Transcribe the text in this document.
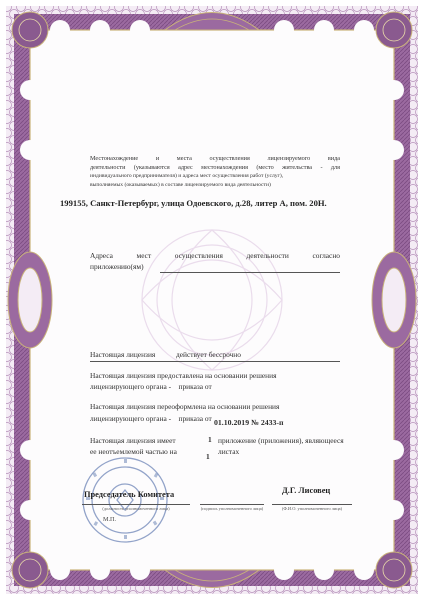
Местонахождение и места осуществления лицензируемого вида

деятельности (указываются адрес местонахождения (место жительства - для

индивидуального предпринимателя) и адреса мест осуществления работ (услуг),

выполняемых (оказываемых) в составе лицензируемого вида деятельности)

199155, Санкт-Петербург, улица Одоевского, д.28, литер А, пом. 20Н.

Адреса мест осуществления деятельности согласно

приложению(ям)

Настоящая лицензия	действует бессрочно

Настоящая лицензия предоставлена на основании решения

лицензирующего органа -    приказа от

Настоящая лицензия переоформлена на основании решения

лицензирующего органа -    приказа от 01.10.2019 № 2433-п

Настоящая лицензия имеет	1 приложение (приложения), являющееся

ее неотъемлемой частью на

1

листах

Председатель Комитета	Д.Г. Лисовец

(должность уполномоченного лица)	(подпись уполномоченного лица)	(Ф.И.О. уполномоченного лица)

М.П.
